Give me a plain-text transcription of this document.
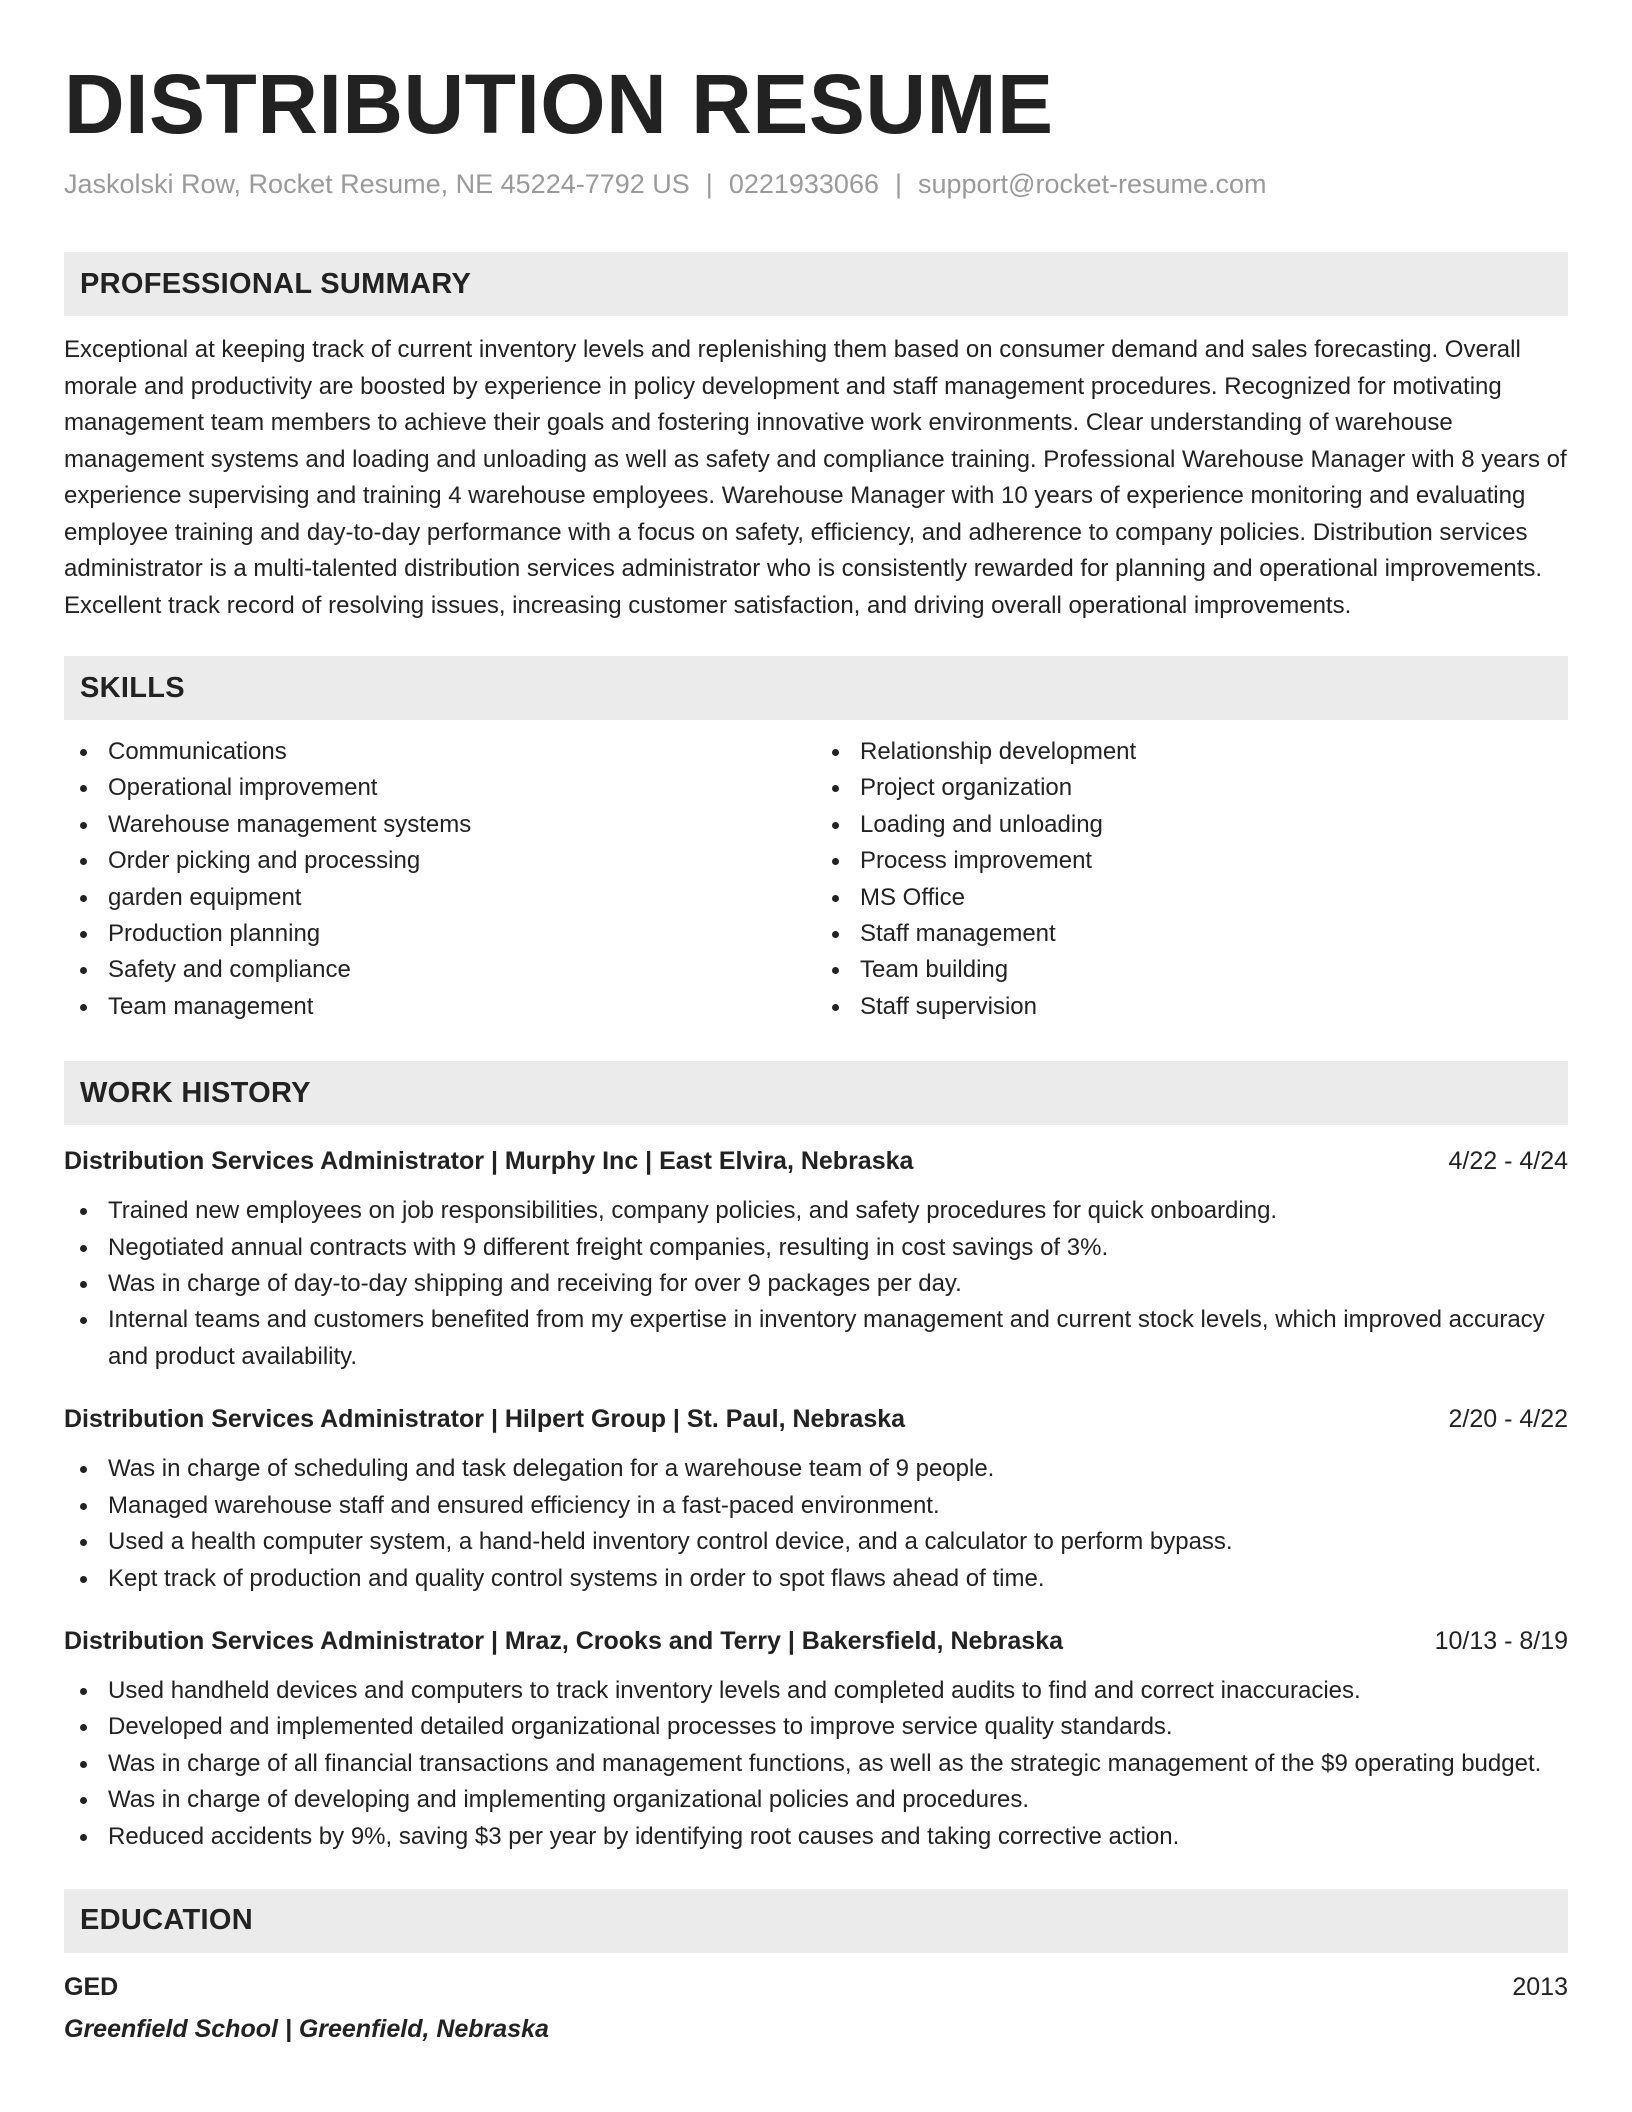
DISTRIBUTION RESUME
Jaskolski Row, Rocket Resume, NE 45224-7792 US | 0221933066 | support@rocket-resume.com
PROFESSIONAL SUMMARY
Exceptional at keeping track of current inventory levels and replenishing them based on consumer demand and sales forecasting. Overall morale and productivity are boosted by experience in policy development and staff management procedures. Recognized for motivating management team members to achieve their goals and fostering innovative work environments. Clear understanding of warehouse management systems and loading and unloading as well as safety and compliance training. Professional Warehouse Manager with 8 years of experience supervising and training 4 warehouse employees. Warehouse Manager with 10 years of experience monitoring and evaluating employee training and day-to-day performance with a focus on safety, efficiency, and adherence to company policies. Distribution services administrator is a multi-talented distribution services administrator who is consistently rewarded for planning and operational improvements. Excellent track record of resolving issues, increasing customer satisfaction, and driving overall operational improvements.
SKILLS
Communications
Operational improvement
Warehouse management systems
Order picking and processing
garden equipment
Production planning
Safety and compliance
Team management
Relationship development
Project organization
Loading and unloading
Process improvement
MS Office
Staff management
Team building
Staff supervision
WORK HISTORY
Distribution Services Administrator | Murphy Inc | East Elvira, Nebraska	4/22 - 4/24
Trained new employees on job responsibilities, company policies, and safety procedures for quick onboarding.
Negotiated annual contracts with 9 different freight companies, resulting in cost savings of 3%.
Was in charge of day-to-day shipping and receiving for over 9 packages per day.
Internal teams and customers benefited from my expertise in inventory management and current stock levels, which improved accuracy and product availability.
Distribution Services Administrator | Hilpert Group | St. Paul, Nebraska	2/20 - 4/22
Was in charge of scheduling and task delegation for a warehouse team of 9 people.
Managed warehouse staff and ensured efficiency in a fast-paced environment.
Used a health computer system, a hand-held inventory control device, and a calculator to perform bypass.
Kept track of production and quality control systems in order to spot flaws ahead of time.
Distribution Services Administrator | Mraz, Crooks and Terry | Bakersfield, Nebraska	10/13 - 8/19
Used handheld devices and computers to track inventory levels and completed audits to find and correct inaccuracies.
Developed and implemented detailed organizational processes to improve service quality standards.
Was in charge of all financial transactions and management functions, as well as the strategic management of the $9 operating budget.
Was in charge of developing and implementing organizational policies and procedures.
Reduced accidents by 9%, saving $3 per year by identifying root causes and taking corrective action.
EDUCATION
GED	2013
Greenfield School | Greenfield, Nebraska
